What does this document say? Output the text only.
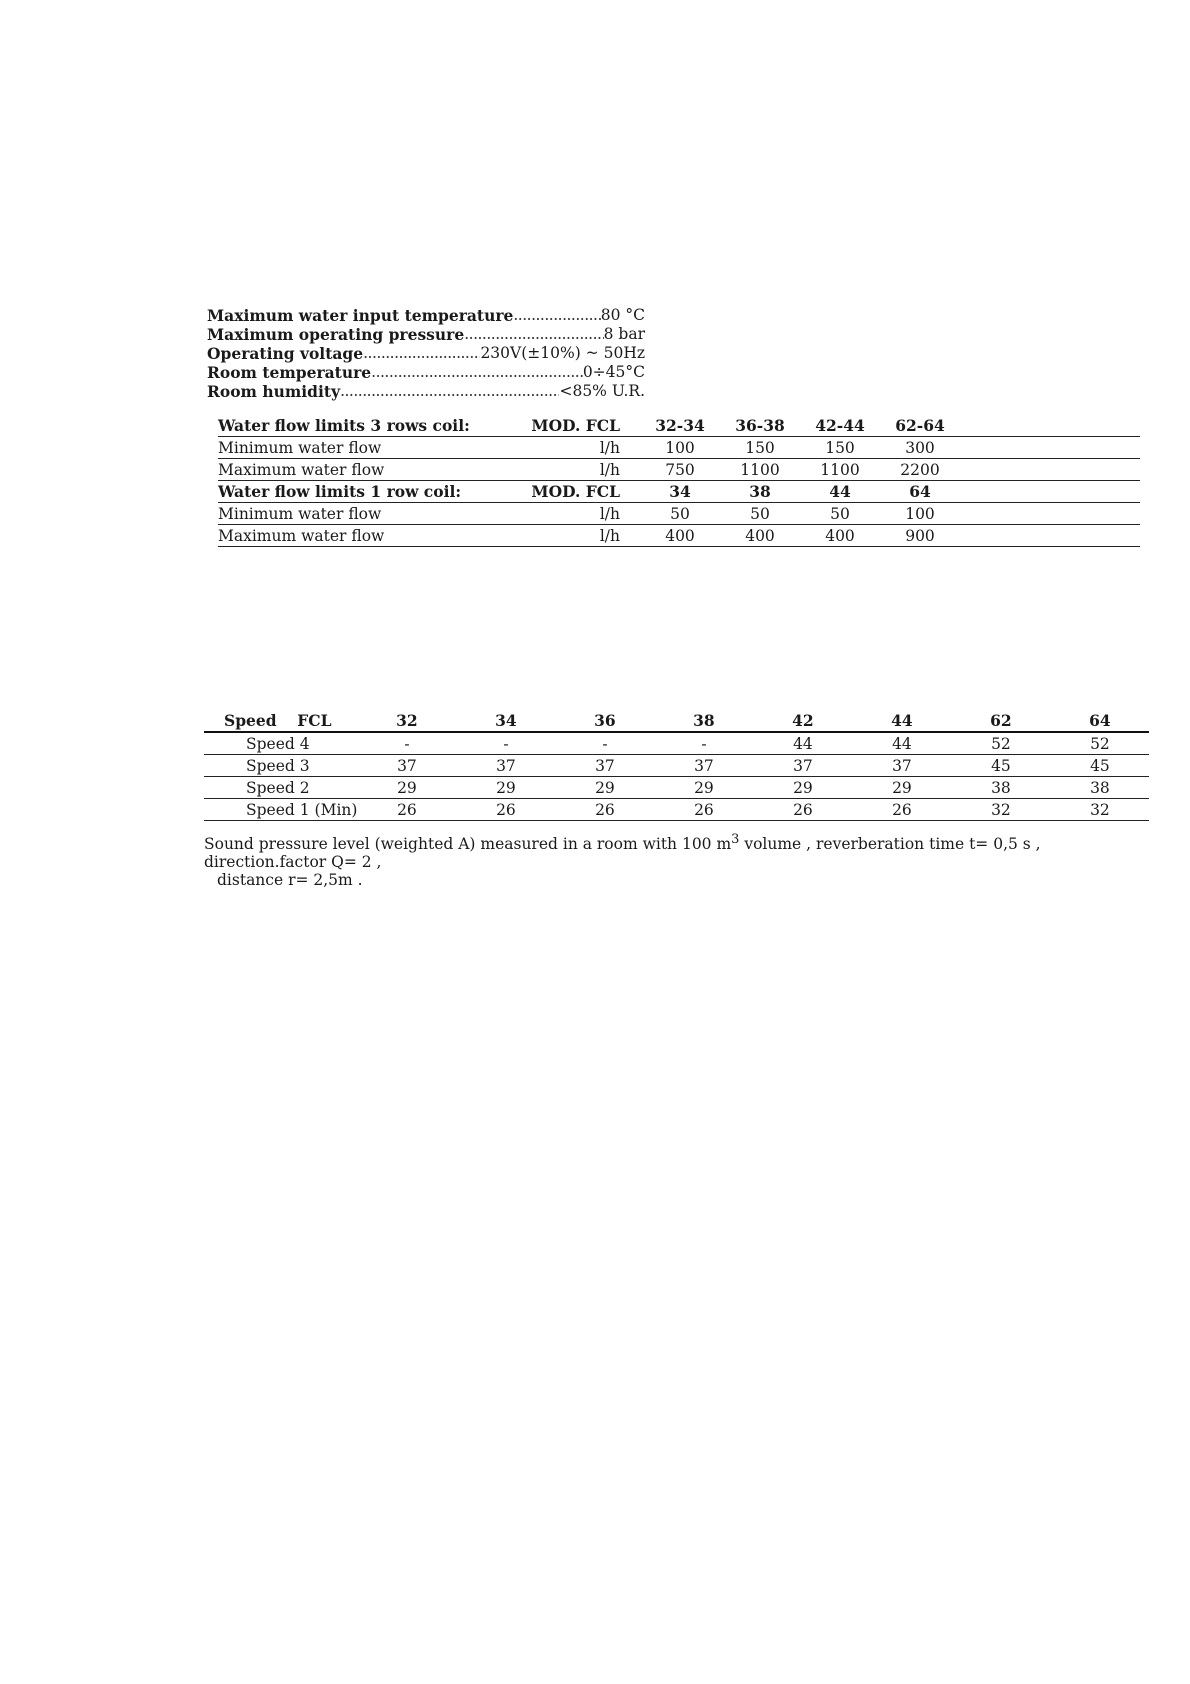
Maximum water input temperature .....	80 °C
Maximum operating pressure .....	8 bar
Operating voltage .....	230V(±10%) ~ 50Hz
Room temperature .....	0÷45°C
Room humidity .....	<85% U.R.
Water flow limits 3 rows coil:	MOD. FCL	32-34	36-38	42-44	62-64	
Minimum water flow	l/h	100	150	150	300	
Maximum water flow	l/h	750	1100	1100	2200	
Water flow limits 1 row coil:	MOD. FCL	34	38	44	64	
Minimum water flow	l/h	50	50	50	100	
Maximum water flow	l/h	400	400	400	900	
Speed	FCL	32	34	36	38	42	44	62	64
Speed 4		-	-	-	-	44	44	52	52
Speed 3		37	37	37	37	37	37	45	45
Speed 2		29	29	29	29	29	29	38	38
Speed 1 (Min)		26	26	26	26	26	26	32	32
Sound pressure level (weighted A) measured in a room with 100 $m^3$ volume , reverberation time t= 0,5 s , direction.factor Q= 2 ,
distance r= 2,5m .
